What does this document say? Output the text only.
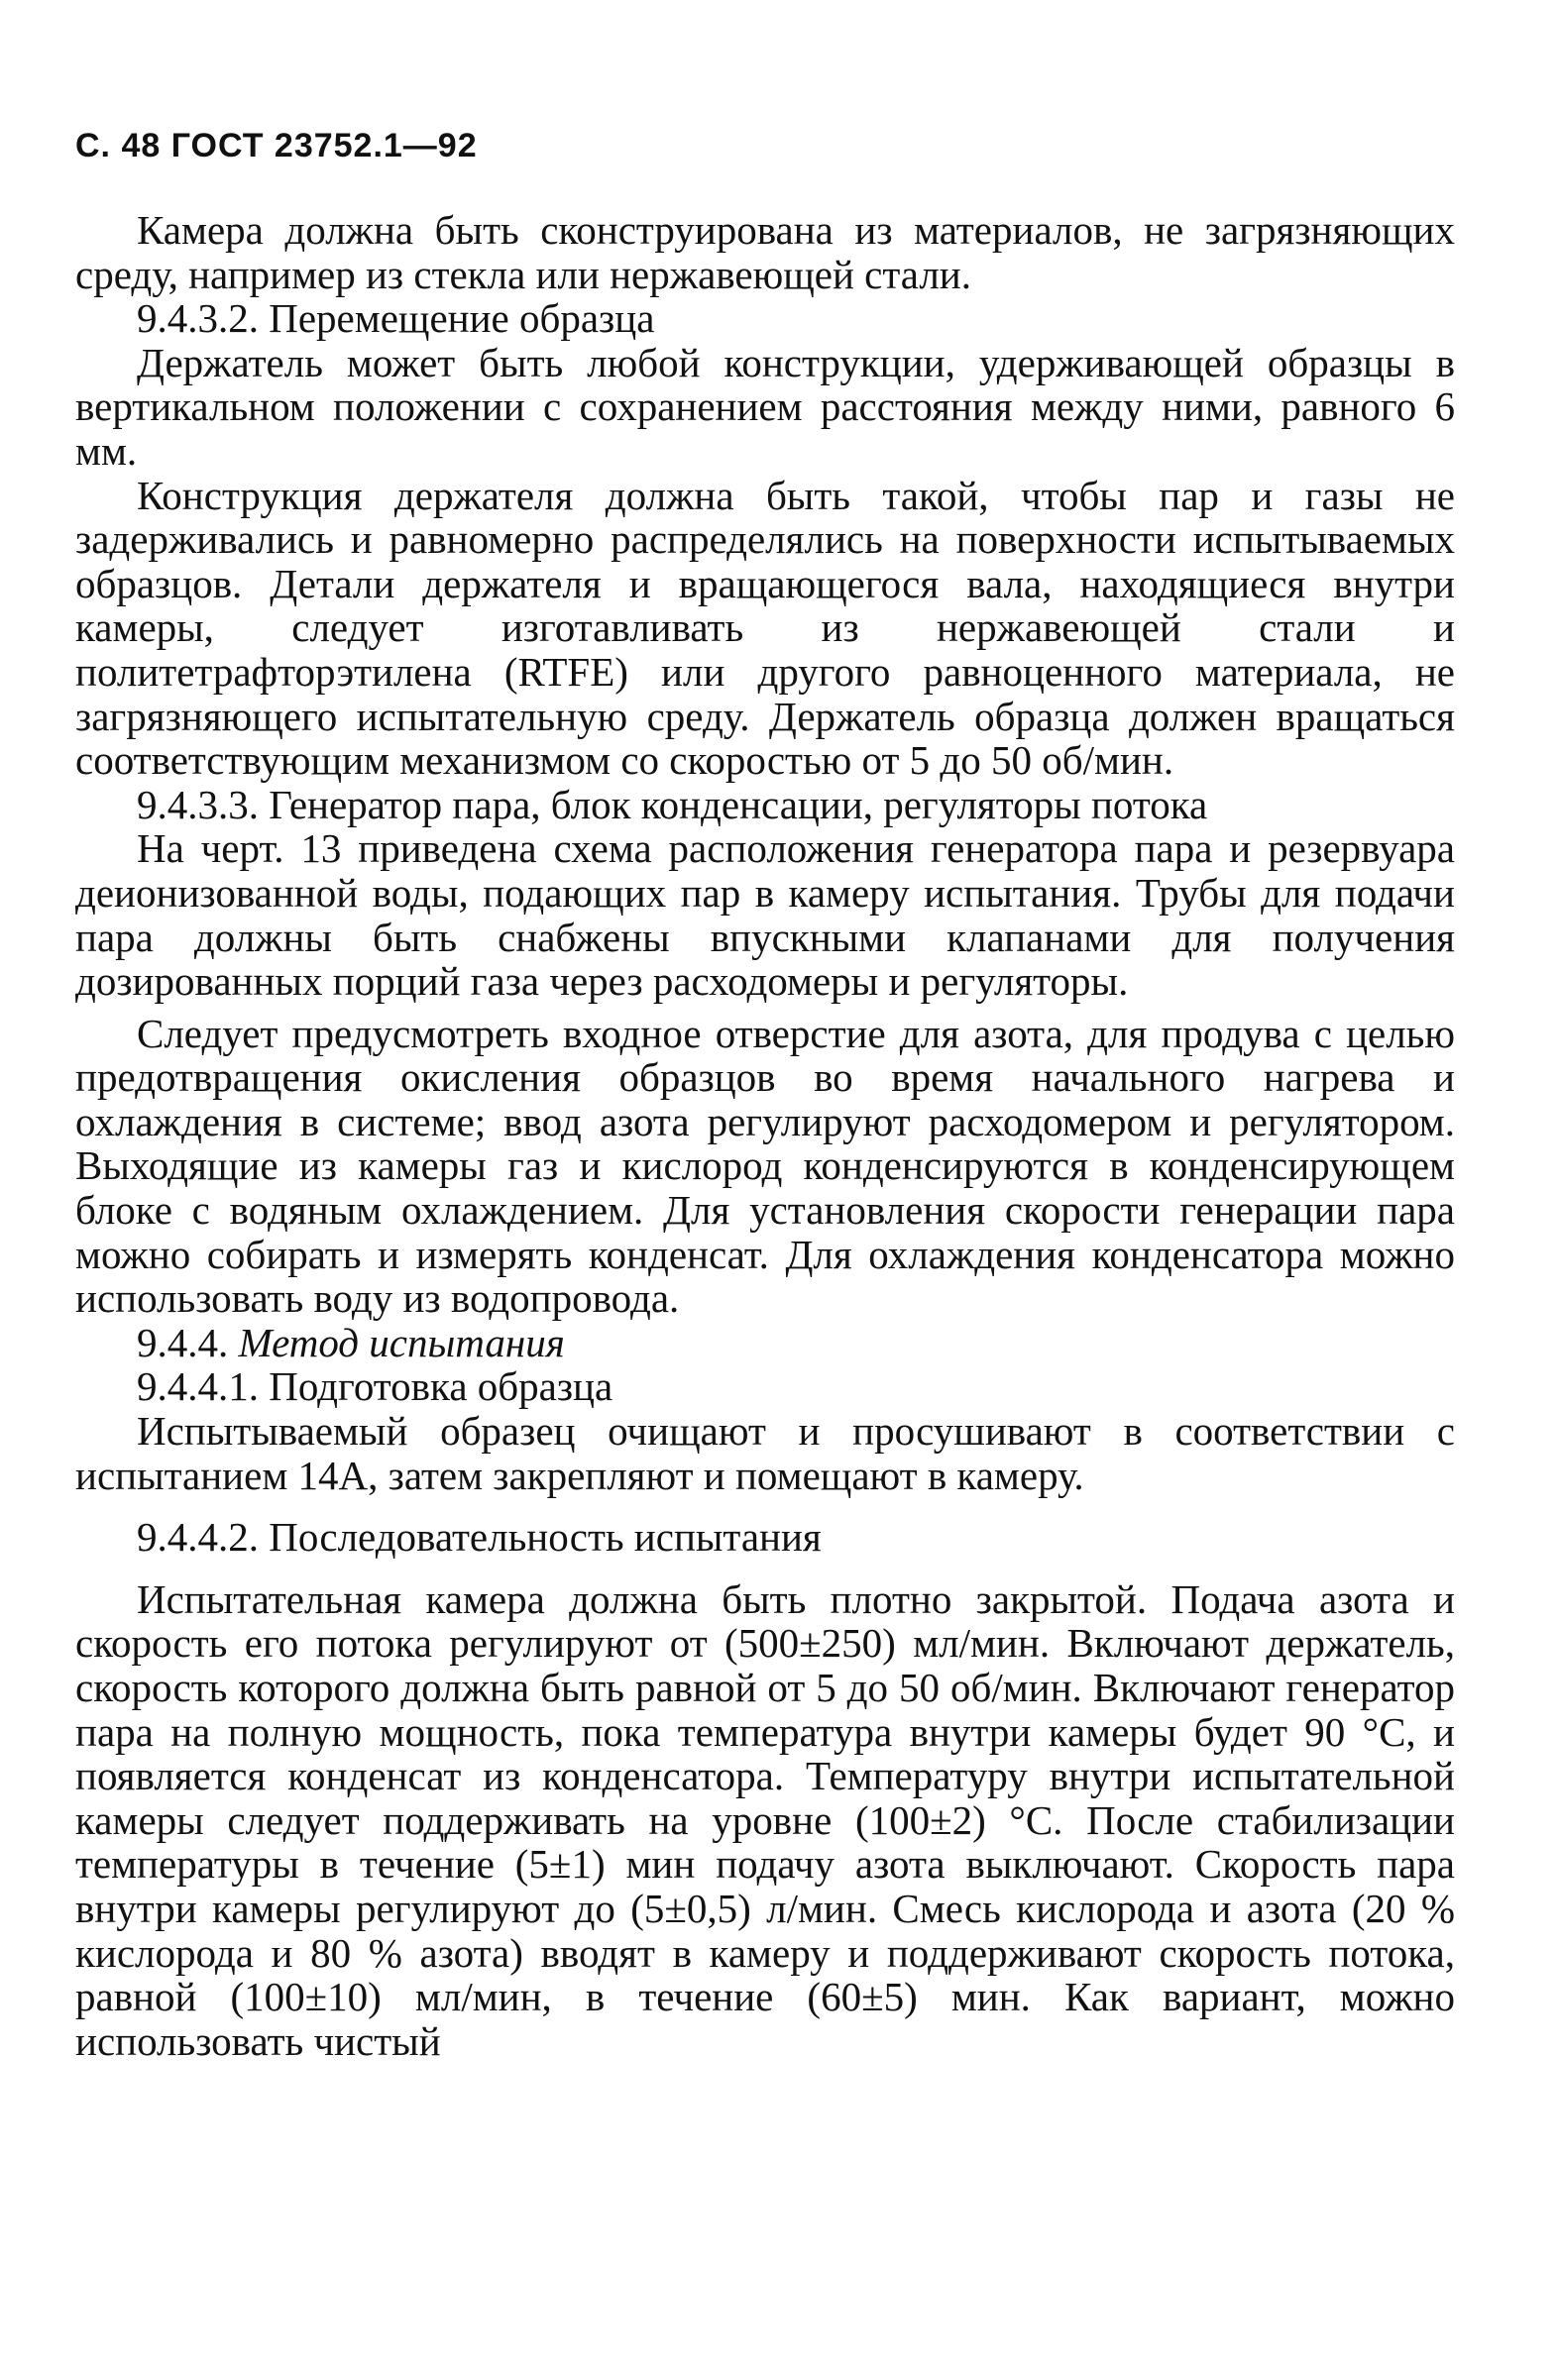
С. 48 ГОСТ 23752.1—92

Камера должна быть сконструирована из материалов, не загрязняющих среду, например из стекла или нержавеющей стали.

9.4.3.2. Перемещение образца

Держатель может быть любой конструкции, удерживающей образцы в вертикальном положении с сохранением расстояния между ними, равного 6 мм.

Конструкция держателя должна быть такой, чтобы пар и газы не задерживались и равномерно распределялись на поверхности испытываемых образцов. Детали держателя и вращающегося вала, находящиеся внутри камеры, следует изготавливать из нержавеющей стали и политетрафторэтилена (RTFE) или другого равноценного материала, не загрязняющего испытательную среду. Держатель образца должен вращаться соответствующим механизмом со скоростью от 5 до 50 об/мин.

9.4.3.3. Генератор пара, блок конденсации, регуляторы потока

На черт. 13 приведена схема расположения генератора пара и резервуара деионизованной воды, подающих пар в камеру испытания. Трубы для подачи пара должны быть снабжены впускными клапанами для получения дозированных порций газа через расходомеры и регуляторы.

Следует предусмотреть входное отверстие для азота, для продува с целью предотвращения окисления образцов во время начального нагрева и охлаждения в системе; ввод азота регулируют расходомером и регулятором. Выходящие из камеры газ и кислород конденсируются в конденсирующем блоке с водяным охлаждением. Для установления скорости генерации пара можно собирать и измерять конденсат. Для охлаждения конденсатора можно использовать воду из водопровода.

9.4.4. Метод испытания

9.4.4.1. Подготовка образца

Испытываемый образец очищают и просушивают в соответствии с испытанием 14А, затем закрепляют и помещают в камеру.

9.4.4.2. Последовательность испытания

Испытательная камера должна быть плотно закрытой. Подача азота и скорость его потока регулируют от (500±250) мл/мин. Включают держатель, скорость которого должна быть равной от 5 до 50 об/мин. Включают генератор пара на полную мощность, пока температура внутри камеры будет 90 °С, и появляется конденсат из конденсатора. Температуру внутри испытательной камеры следует поддерживать на уровне (100±2) °С. После стабилизации температуры в течение (5±1) мин подачу азота выключают. Скорость пара внутри камеры регулируют до (5±0,5) л/мин. Смесь кислорода и азота (20 % кислорода и 80 % азота) вводят в камеру и поддерживают скорость потока, равной (100±10) мл/мин, в течение (60±5) мин. Как вариант, можно использовать чистый
